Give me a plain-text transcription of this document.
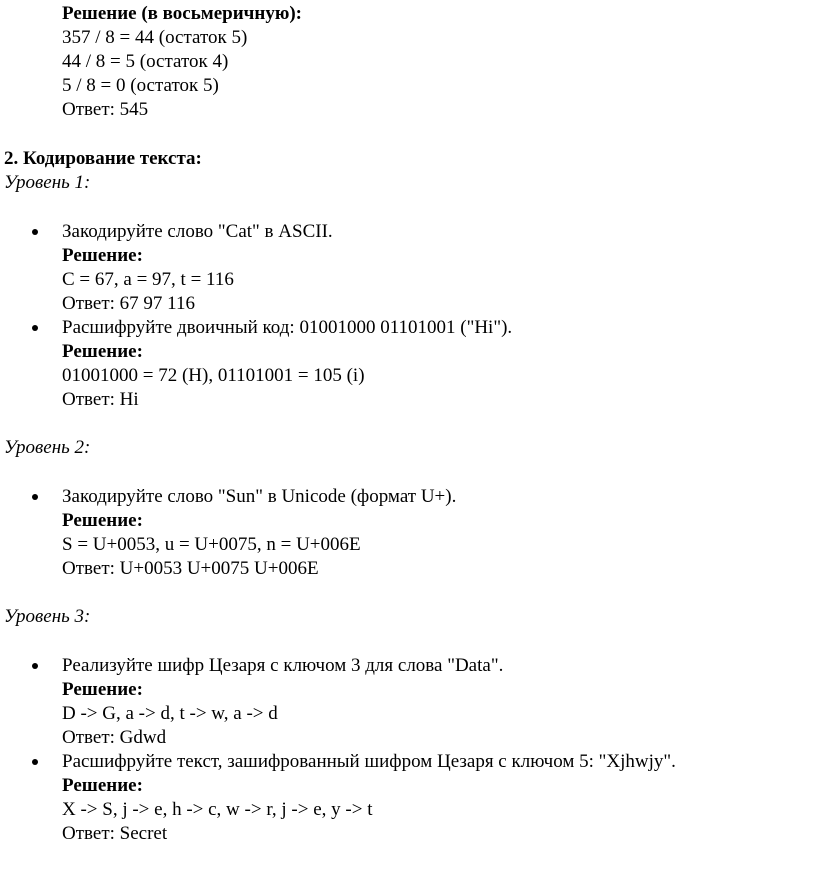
Решение (в восьмеричную):
357 / 8 = 44 (остаток 5)
44 / 8 = 5 (остаток 4)
5 / 8 = 0 (остаток 5)
Ответ: 545
2. Кодирование текста:
Уровень 1:
Закодируйте слово "Cat" в ASCII.
Решение:
C = 67, a = 97, t = 116
Ответ: 67 97 116
Расшифруйте двоичный код: 01001000 01101001 ("Hi").
Решение:
01001000 = 72 (H), 01101001 = 105 (i)
Ответ: Hi
Уровень 2:
Закодируйте слово "Sun" в Unicode (формат U+).
Решение:
S = U+0053, u = U+0075, n = U+006E
Ответ: U+0053 U+0075 U+006E
Уровень 3:
Реализуйте шифр Цезаря с ключом 3 для слова "Data".
Решение:
D -> G, a -> d, t -> w, a -> d
Ответ: Gdwd
Расшифруйте текст, зашифрованный шифром Цезаря с ключом 5: "Xjhwjy".
Решение:
X -> S, j -> e, h -> c, w -> r, j -> e, y -> t
Ответ: Secret
